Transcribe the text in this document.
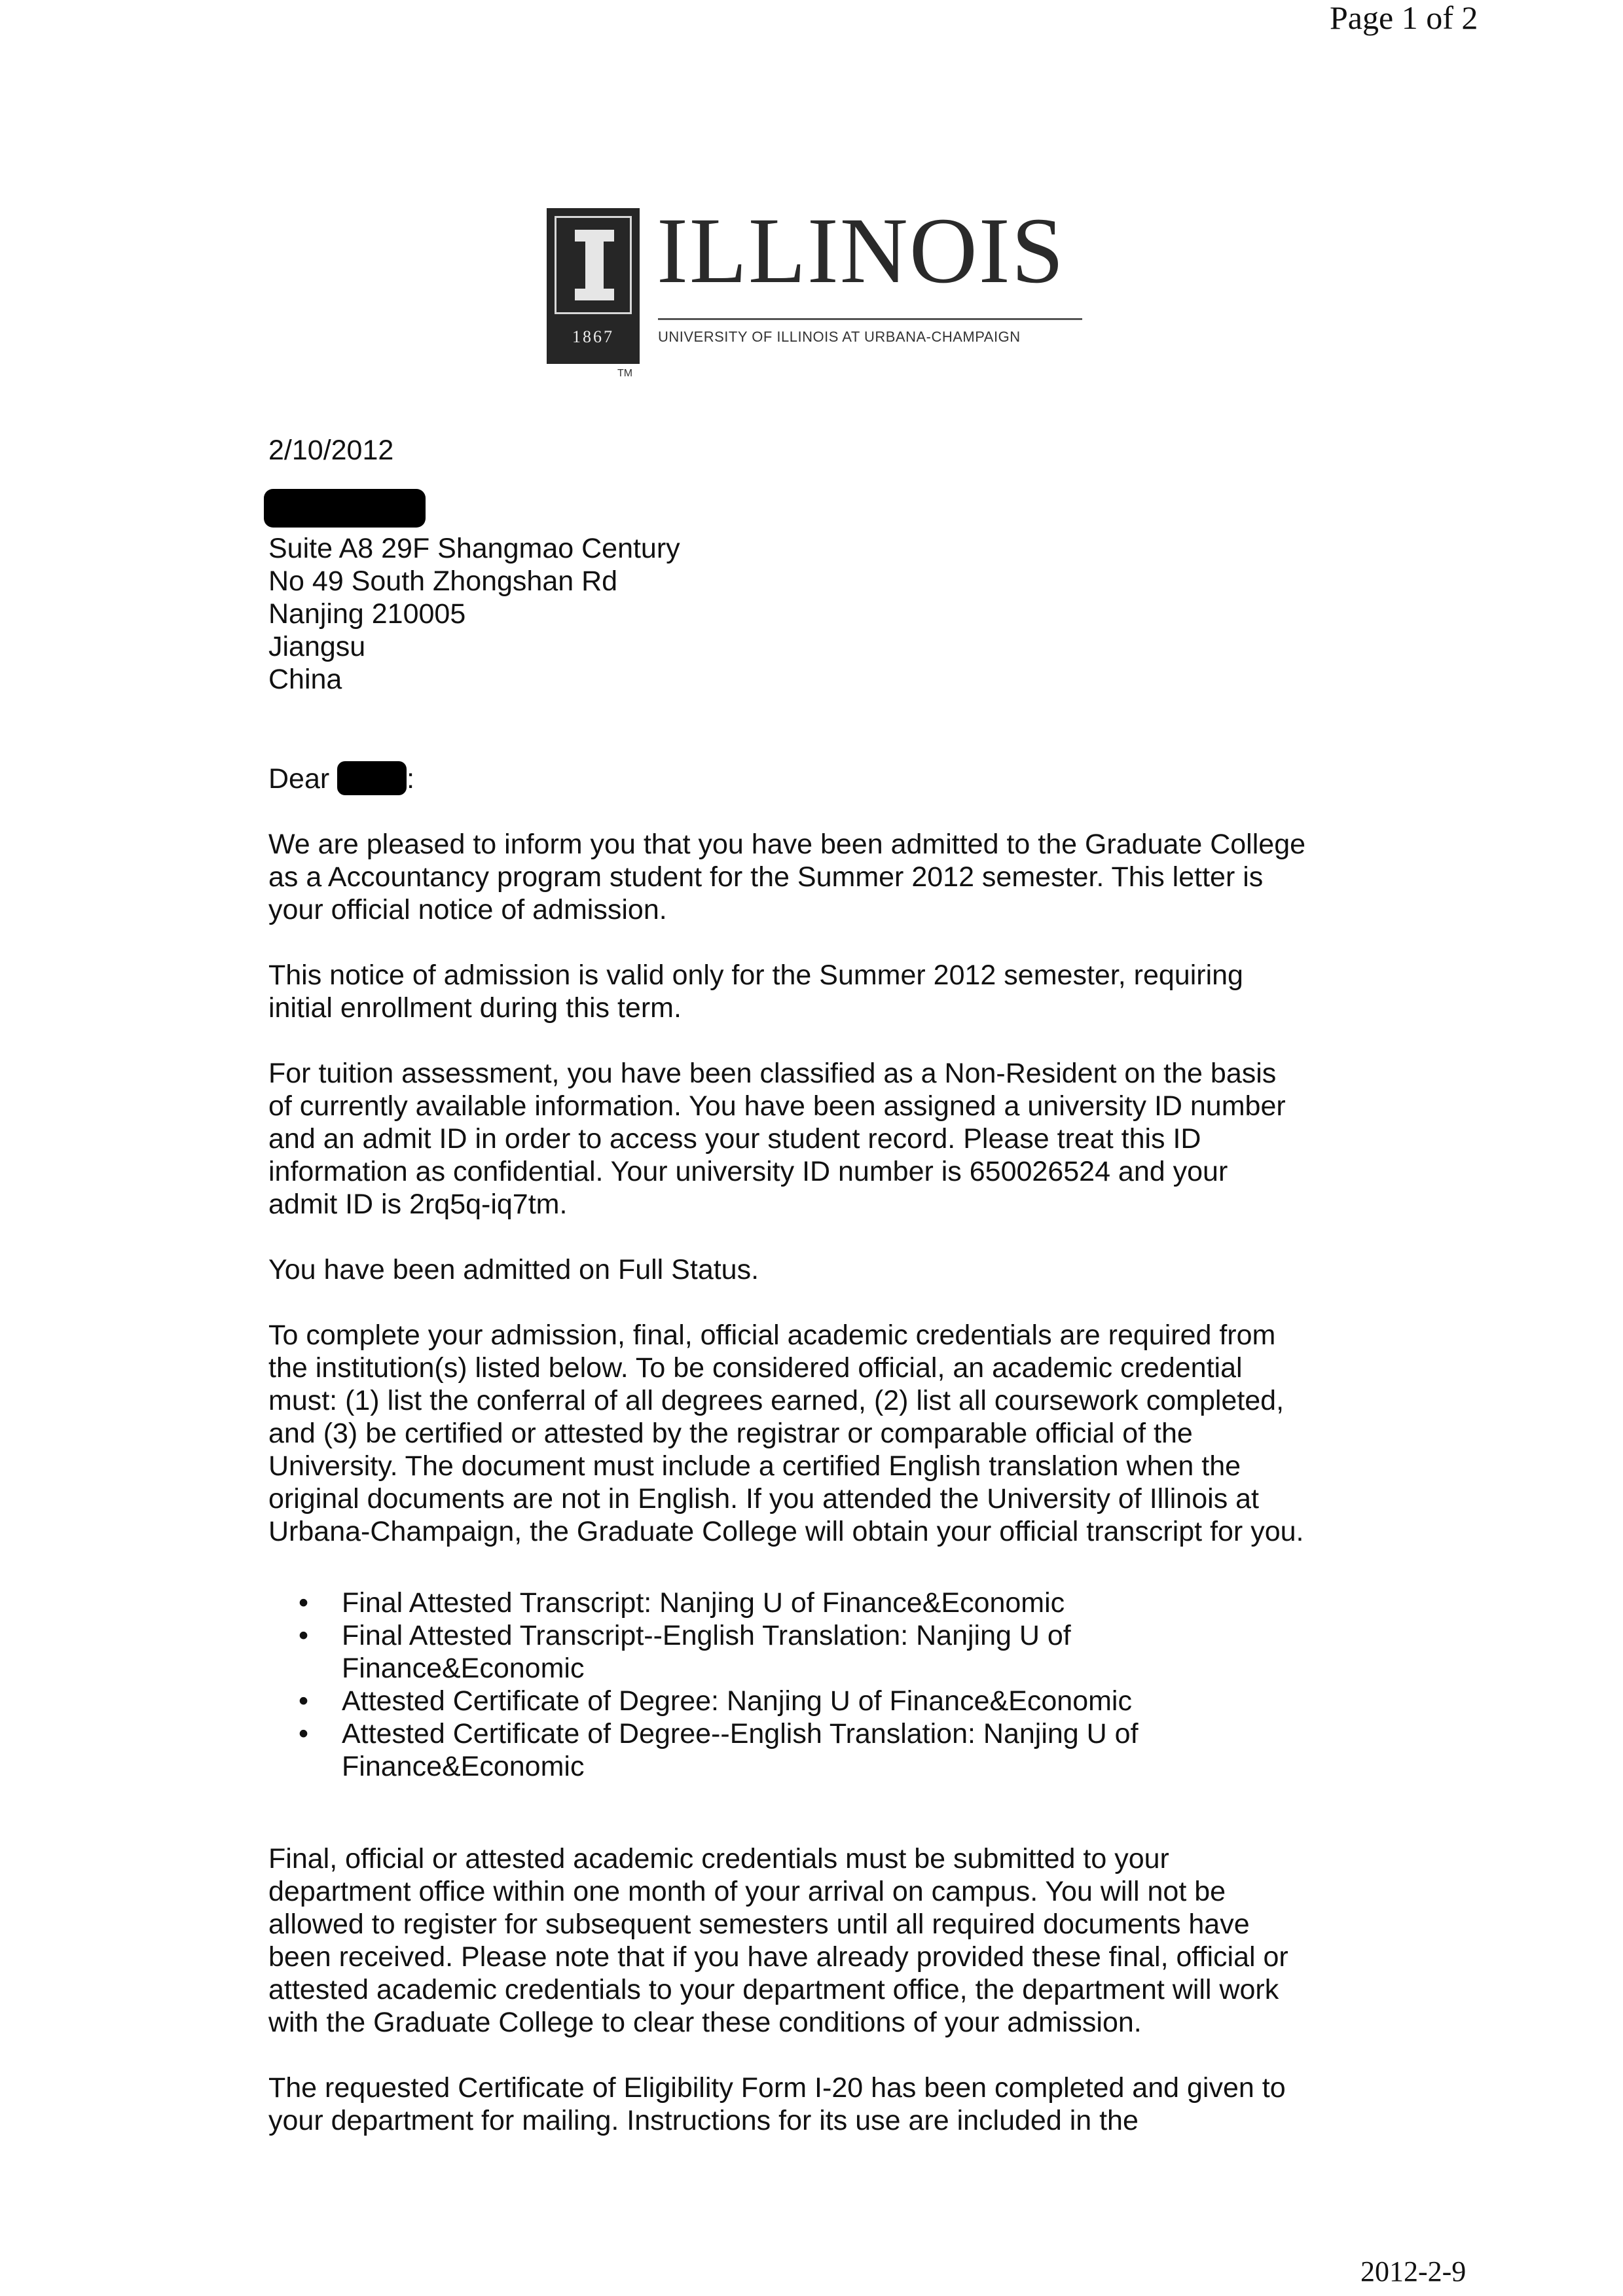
Page 1 of 2
1867
ILLINOIS
UNIVERSITY OF ILLINOIS AT URBANA-CHAMPAIGN
TM
2/10/2012
Suite A8 29F Shangmao Century
No 49 South Zhongshan Rd
Nanjing 210005
Jiangsu
China
Dear	:
We are pleased to inform you that you have been admitted to the Graduate College
as a Accountancy program student for the Summer 2012 semester. This letter is
your official notice of admission.
This notice of admission is valid only for the Summer 2012 semester, requiring
initial enrollment during this term.
For tuition assessment, you have been classified as a Non-Resident on the basis
of currently available information. You have been assigned a university ID number
and an admit ID in order to access your student record. Please treat this ID
information as confidential. Your university ID number is 650026524 and your
admit ID is 2rq5q-iq7tm.
You have been admitted on Full Status.
To complete your admission, final, official academic credentials are required from
the institution(s) listed below. To be considered official, an academic credential
must: (1) list the conferral of all degrees earned, (2) list all coursework completed,
and (3) be certified or attested by the registrar or comparable official of the
University. The document must include a certified English translation when the
original documents are not in English. If you attended the University of Illinois at
Urbana-Champaign, the Graduate College will obtain your official transcript for you.
• Final Attested Transcript: Nanjing U of Finance&Economic
• Final Attested Transcript--English Translation: Nanjing U of
Finance&Economic
• Attested Certificate of Degree: Nanjing U of Finance&Economic
• Attested Certificate of Degree--English Translation: Nanjing U of
Finance&Economic
Final, official or attested academic credentials must be submitted to your
department office within one month of your arrival on campus. You will not be
allowed to register for subsequent semesters until all required documents have
been received. Please note that if you have already provided these final, official or
attested academic credentials to your department office, the department will work
with the Graduate College to clear these conditions of your admission.
The requested Certificate of Eligibility Form I-20 has been completed and given to
your department for mailing. Instructions for its use are included in the
2012-2-9
